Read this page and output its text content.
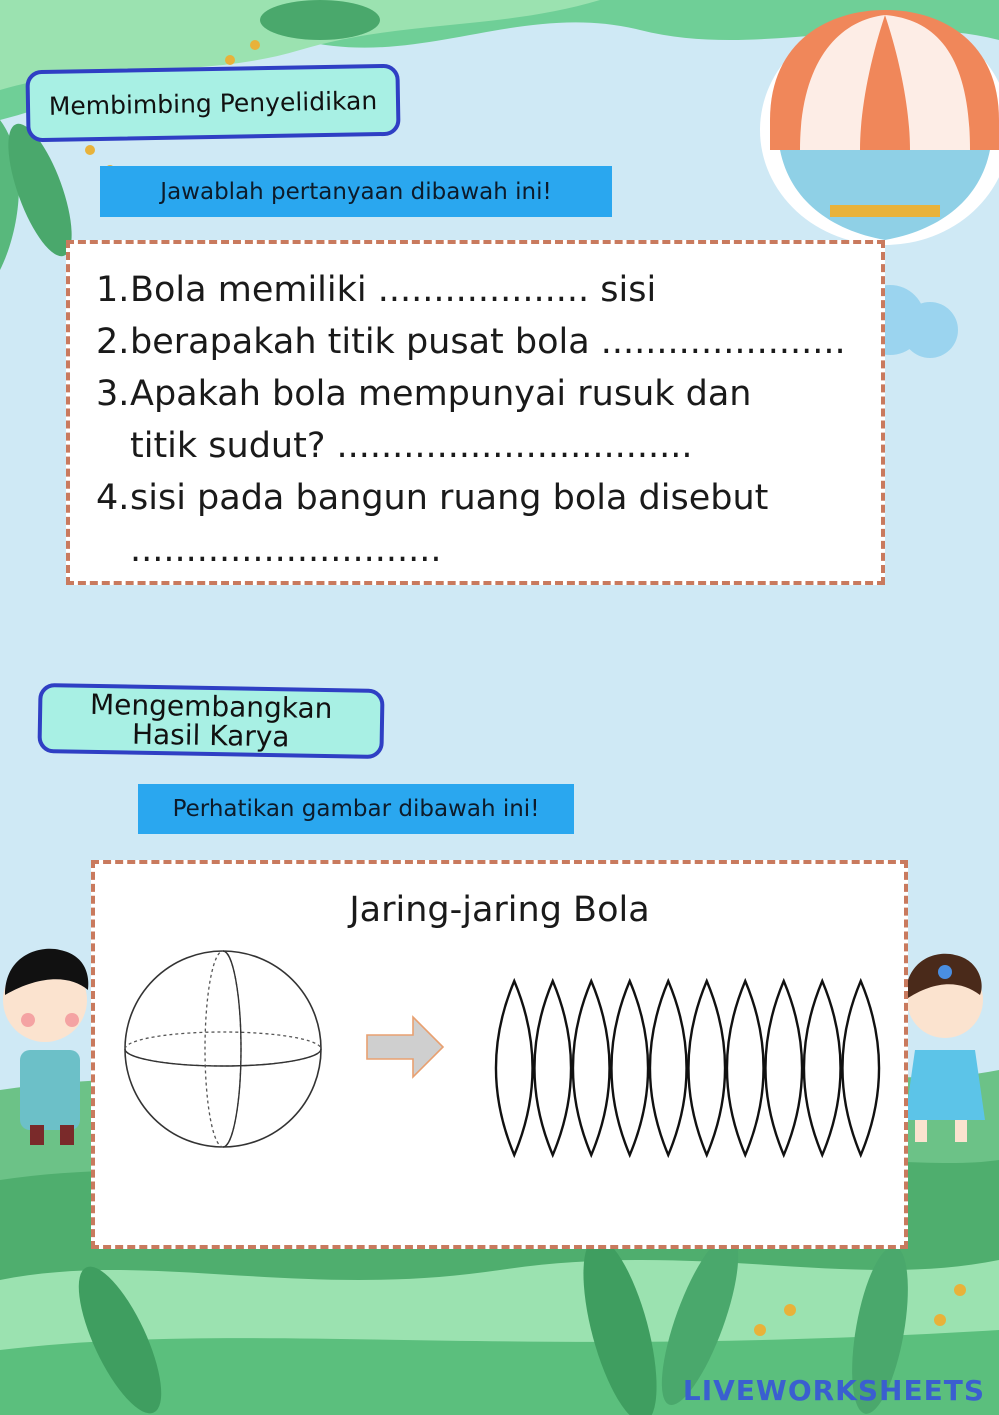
Membimbing Penyelidikan
Jawablah pertanyaan dibawah ini!
1. Bola memiliki ................... sisi
2. berapakah titik pusat bola ......................
3. Apakah bola mempunyai rusuk dan titik sudut? ................................
4. sisi pada bangun ruang bola disebut ............................
Mengembangkan
Hasil Karya
Perhatikan gambar dibawah ini!
Jaring-jaring Bola
LIVEWORKSHEETS
